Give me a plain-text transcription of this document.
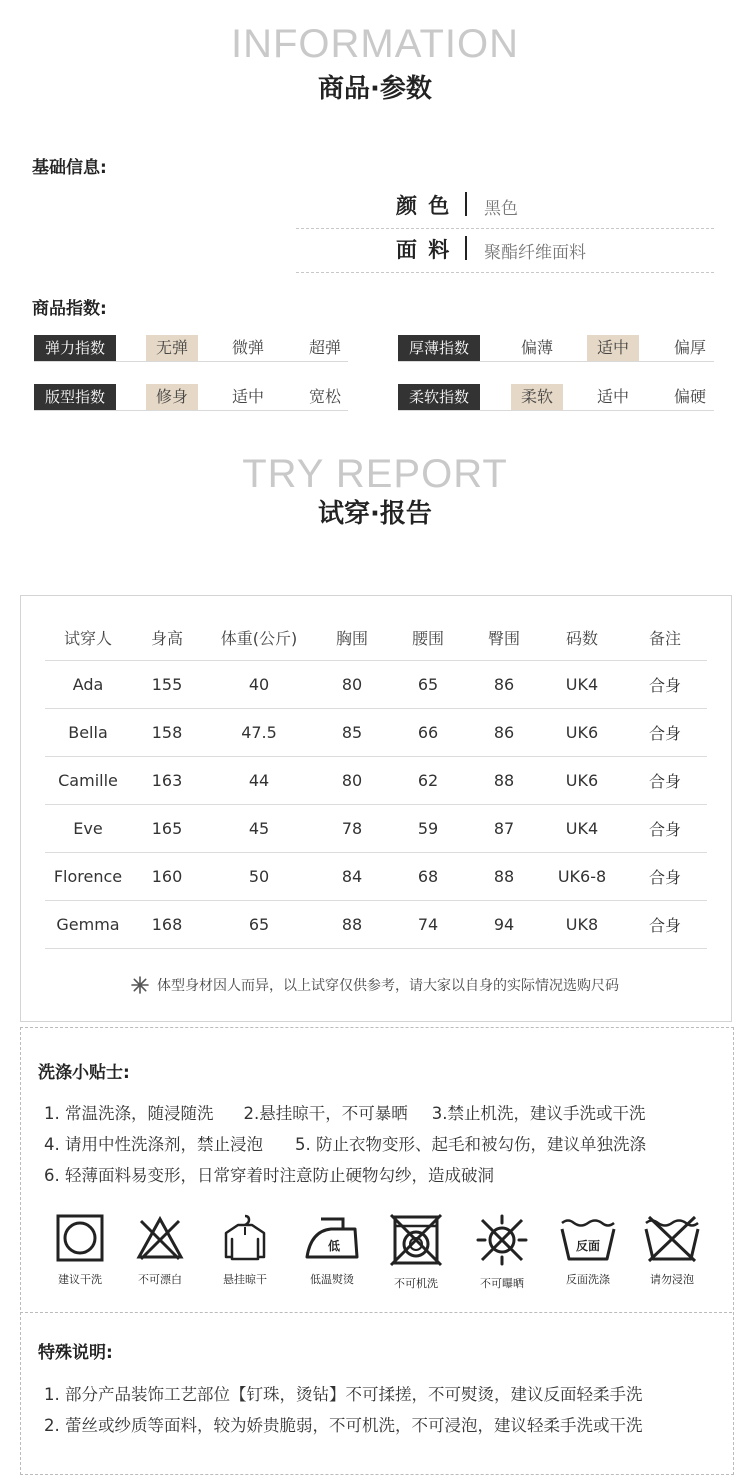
INFORMATION
商品·参数
基础信息:
颜 色 黑色
面 料 聚酯纤维面料
商品指数:
弹力指数	无弹	微弹	超弹	厚薄指数	偏薄	适中	偏厚
版型指数	修身	适中	宽松	柔软指数	柔软	适中	偏硬
TRY REPORT
试穿·报告
试穿人	身高	体重(公斤)	胸围	腰围	臀围	码数	备注
Ada	155	40	80	65	86	UK4	合身
Bella	158	47.5	85	66	86	UK6	合身
Camille	163	44	80	62	88	UK6	合身
Eve	165	45	78	59	87	UK4	合身
Florence	160	50	84	68	88	UK6-8	合身
Gemma	168	65	88	74	94	UK8	合身
体型身材因人而异，以上试穿仅供参考，请大家以自身的实际情况选购尺码
洗涤小贴士:
1. 常温洗涤，随浸随洗 2.悬挂晾干，不可暴晒 3.禁止机洗，建议手洗或干洗
4. 请用中性洗涤剂，禁止浸泡 5. 防止衣物变形、起毛和被勾伤，建议单独洗涤
6. 轻薄面料易变形，日常穿着时注意防止硬物勾纱，造成破洞
建议干洗	不可漂白	悬挂晾干
低
低温熨烫	不可机洗	不可曝晒
反面
反面洗涤	请勿浸泡
特殊说明:
1. 部分产品装饰工艺部位【钉珠，烫钻】不可揉搓，不可熨烫，建议反面轻柔手洗
2. 蕾丝或纱质等面料，较为娇贵脆弱，不可机洗，不可浸泡，建议轻柔手洗或干洗
